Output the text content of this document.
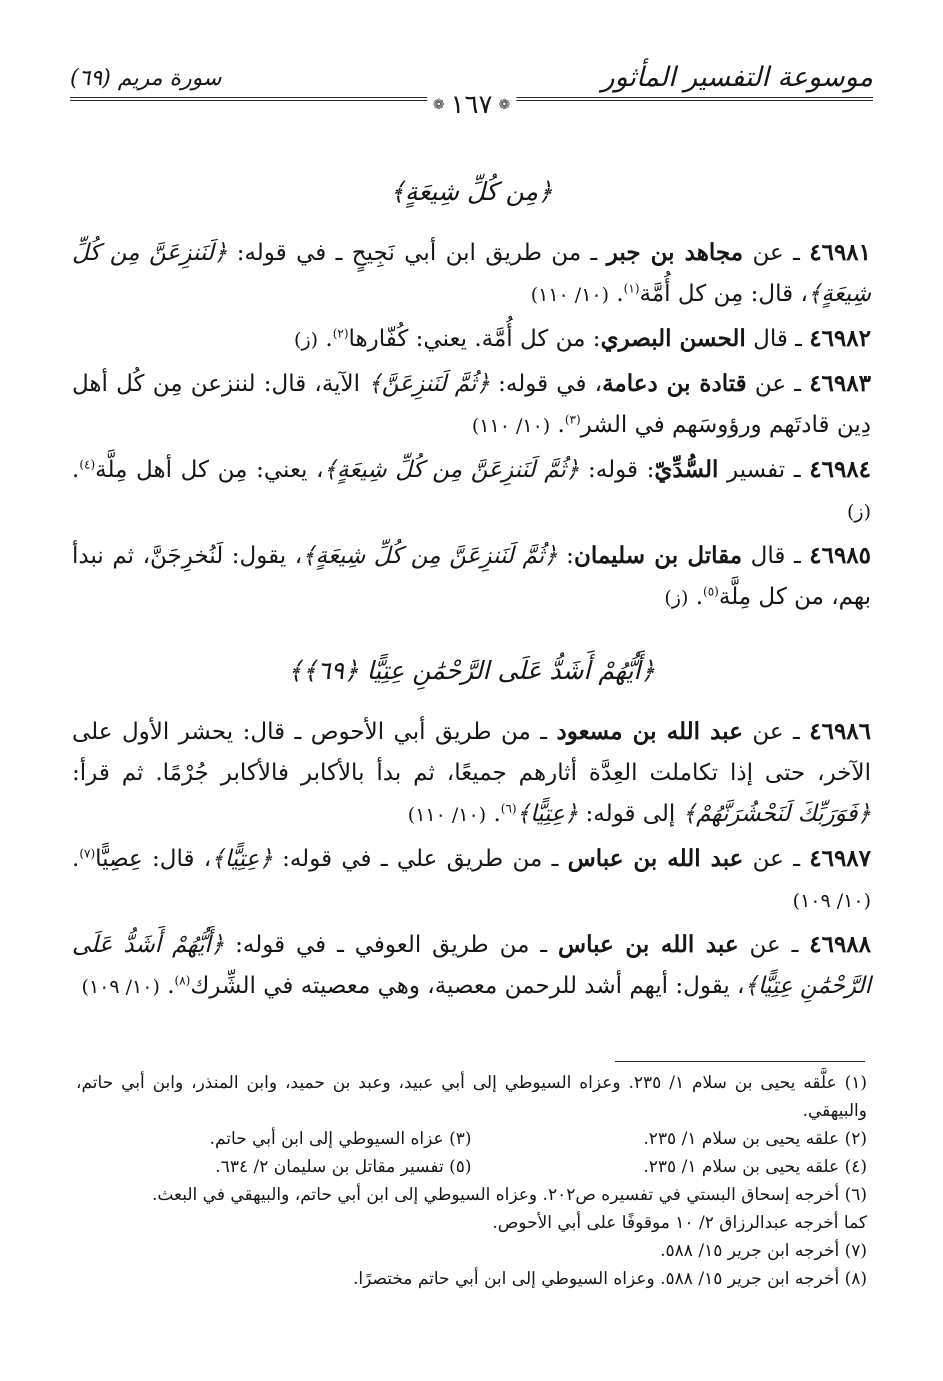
موسوعة التفسير المأثور
سورة مريم (٦٩)
❁
١٦٧
❁
﴿مِن كُلِّ شِيعَةٍ﴾

٤٦٩٨١ ـ عن مجاهد بن جبر ـ من طريق ابن أبي نَجِيحٍ ـ في قوله: ﴿لَنَنزِعَنَّ مِن كُلِّ شِيعَةٍ﴾، قال: مِن كل أُمَّة$^{(١)}$. (١٠/ ١١٠)

٤٦٩٨٢ ـ قال الحسن البصري: من كل أُمَّة. يعني: كُفّارها$^{(٢)}$. (ز)

٤٦٩٨٣ ـ عن قتادة بن دعامة، في قوله: ﴿ثُمَّ لَنَنزِعَنَّ﴾ الآية، قال: لننزعن مِن كُل أهل دِين قادتَهم ورؤوسَهم في الشر$^{(٣)}$. (١٠/ ١١٠)

٤٦٩٨٤ ـ تفسير السُّدِّيّ: قوله: ﴿ثُمَّ لَنَنزِعَنَّ مِن كُلِّ شِيعَةٍ﴾، يعني: مِن كل أهل مِلَّة$^{(٤)}$. (ز)

٤٦٩٨٥ ـ قال مقاتل بن سليمان: ﴿ثُمَّ لَنَنزِعَنَّ مِن كُلِّ شِيعَةٍ﴾، يقول: لَنُخرِجَنَّ، ثم نبدأ بهم، من كل مِلَّة$^{(٥)}$. (ز)

﴿أَيُّهُمْ أَشَدُّ عَلَى الرَّحْمَٰنِ عِتِيًّا ﴿٦٩﴾﴾

٤٦٩٨٦ ـ عن عبد الله بن مسعود ـ من طريق أبي الأحوص ـ قال: يحشر الأول على الآخر، حتى إذا تكاملت العِدَّة أثارهم جميعًا، ثم بدأ بالأكابر فالأكابر جُرْمًا. ثم قرأ: ﴿فَوَرَبِّكَ لَنَحْشُرَنَّهُمْ﴾ إلى قوله: ﴿عِتِيًّا﴾$^{(٦)}$. (١٠/ ١١٠)

٤٦٩٨٧ ـ عن عبد الله بن عباس ـ من طريق علي ـ في قوله: ﴿عِتِيًّا﴾، قال: عِصِيًّا$^{(٧)}$. (١٠/ ١٠٩)

٤٦٩٨٨ ـ عن عبد الله بن عباس ـ من طريق العوفي ـ في قوله: ﴿أَيُّهُمْ أَشَدُّ عَلَى الرَّحْمَٰنِ عِتِيًّا﴾، يقول: أيهم أشد للرحمن معصية، وهي معصيته في الشِّرك$^{(٨)}$. (١٠/ ١٠٩)

(١) علَّقه يحيى بن سلام ١/ ٢٣٥. وعزاه السيوطي إلى أبي عبيد، وعبد بن حميد، وابن المنذر، وابن أبي حاتم، والبيهقي.
(٢) علقه يحيى بن سلام ١/ ٢٣٥.
(٣) عزاه السيوطي إلى ابن أبي حاتم.
(٤) علقه يحيى بن سلام ١/ ٢٣٥.
(٥) تفسير مقاتل بن سليمان ٢/ ٦٣٤.
(٦) أخرجه إسحاق البستي في تفسيره ص٢٠٢. وعزاه السيوطي إلى ابن أبي حاتم، والبيهقي في البعث.
كما أخرجه عبدالرزاق ٢/ ١٠ موقوفًا على أبي الأحوص.
(٧) أخرجه ابن جرير ١٥/ ٥٨٨.
(٨) أخرجه ابن جرير ١٥/ ٥٨٨. وعزاه السيوطي إلى ابن أبي حاتم مختصرًا.
